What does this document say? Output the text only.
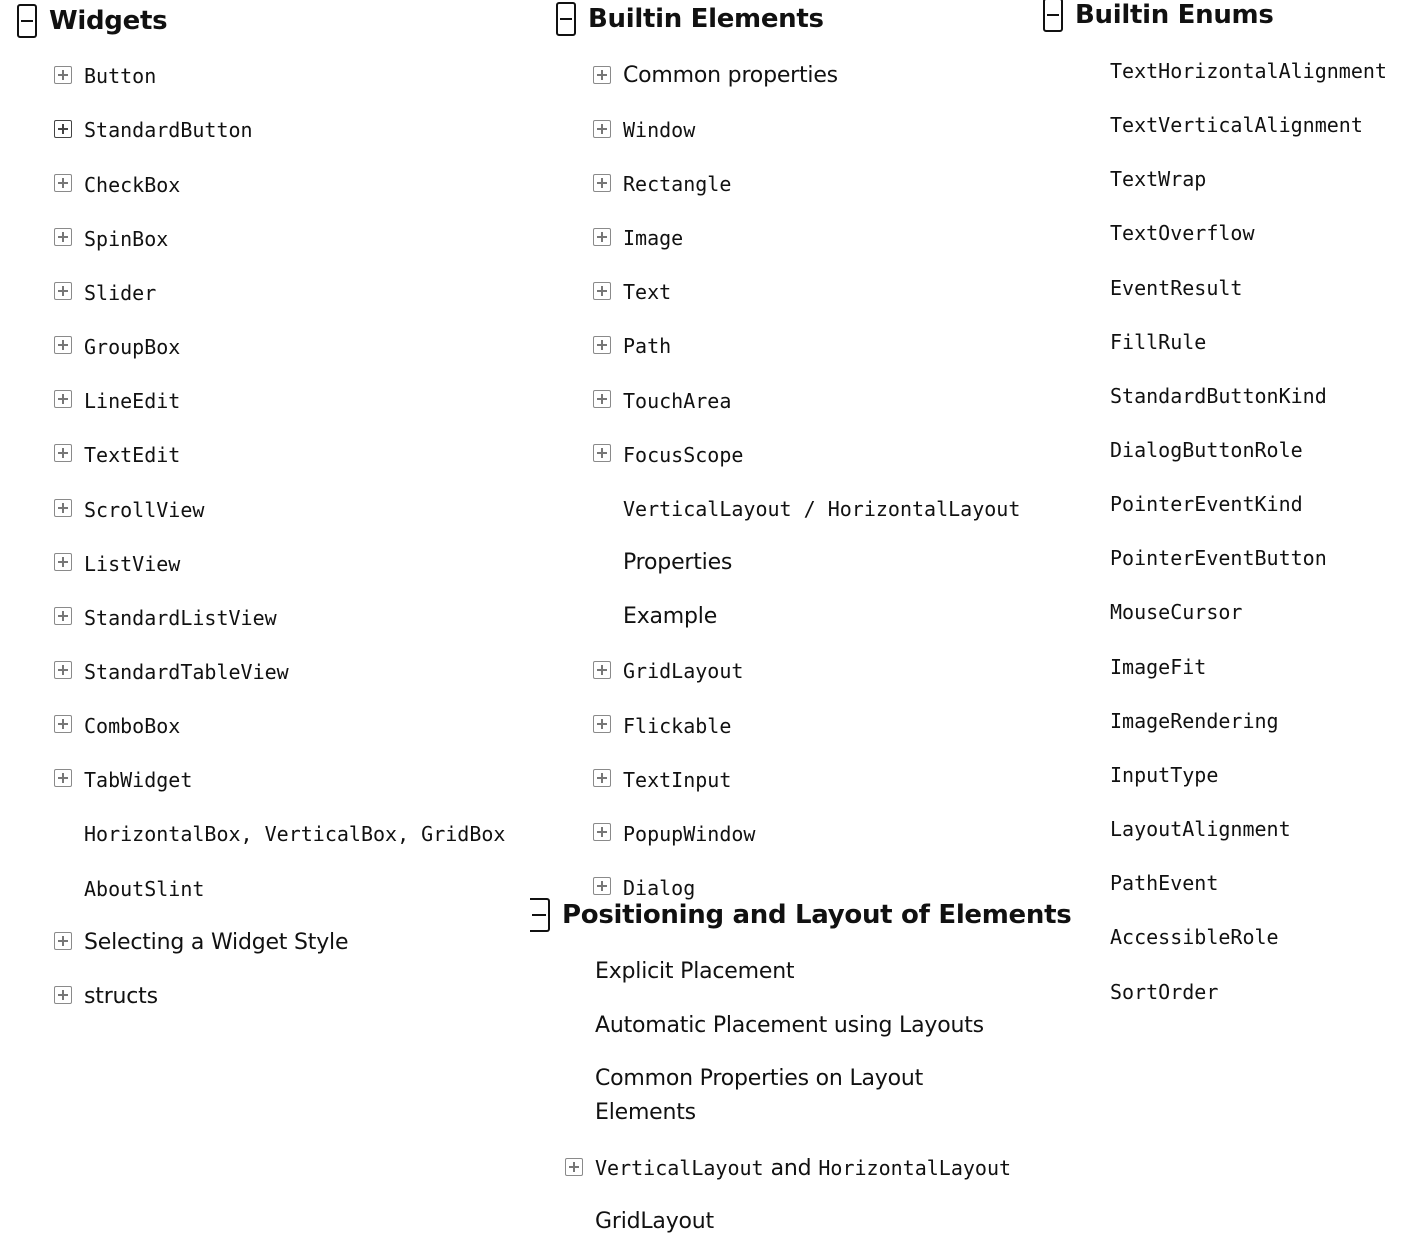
Widgets
Button
StandardButton
CheckBox
SpinBox
Slider
GroupBox
LineEdit
TextEdit
ScrollView
ListView
StandardListView
StandardTableView
ComboBox
TabWidget
HorizontalBox, VerticalBox, GridBox
AboutSlint
Selecting a Widget Style
structs
Builtin Elements
Common properties
Window
Rectangle
Image
Text
Path
TouchArea
FocusScope
VerticalLayout / HorizontalLayout
Properties
Example
GridLayout
Flickable
TextInput
PopupWindow
Dialog
Positioning and Layout of Elements
Explicit Placement
Automatic Placement using Layouts
Common Properties on Layout Elements
VerticalLayout and HorizontalLayout
GridLayout
Builtin Enums
TextHorizontalAlignment
TextVerticalAlignment
TextWrap
TextOverflow
EventResult
FillRule
StandardButtonKind
DialogButtonRole
PointerEventKind
PointerEventButton
MouseCursor
ImageFit
ImageRendering
InputType
LayoutAlignment
PathEvent
AccessibleRole
SortOrder
